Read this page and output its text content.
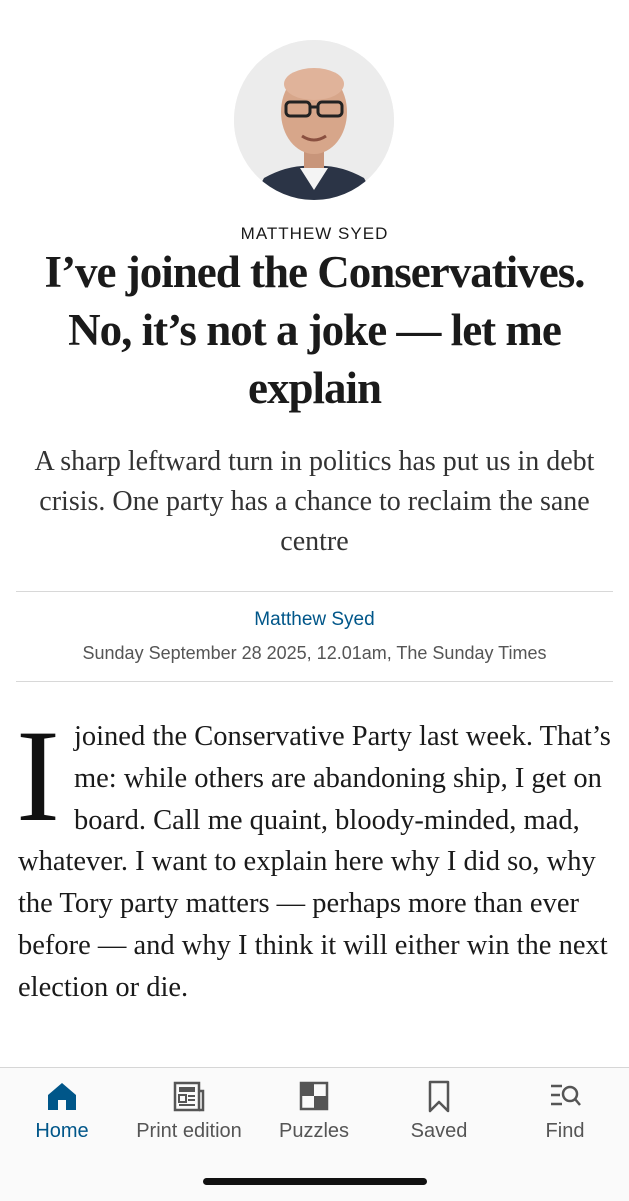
MATTHEW SYED
I’ve joined the Conservatives. No, it’s not a joke — let me explain

A sharp leftward turn in politics has put us in debt crisis. One party has a chance to reclaim the sane centre

Matthew Syed
Sunday September 28 2025, 12.01am, The Sunday Times
I joined the Conservative Party last week. That’s me: while others are abandoning ship, I get on board. Call me quaint, bloody-minded, mad, whatever. I want to explain here why I did so, why the Tory party matters — perhaps more than ever before — and why I think it will either win the next election or die.
Home Print edition Puzzles	Saved	Find
